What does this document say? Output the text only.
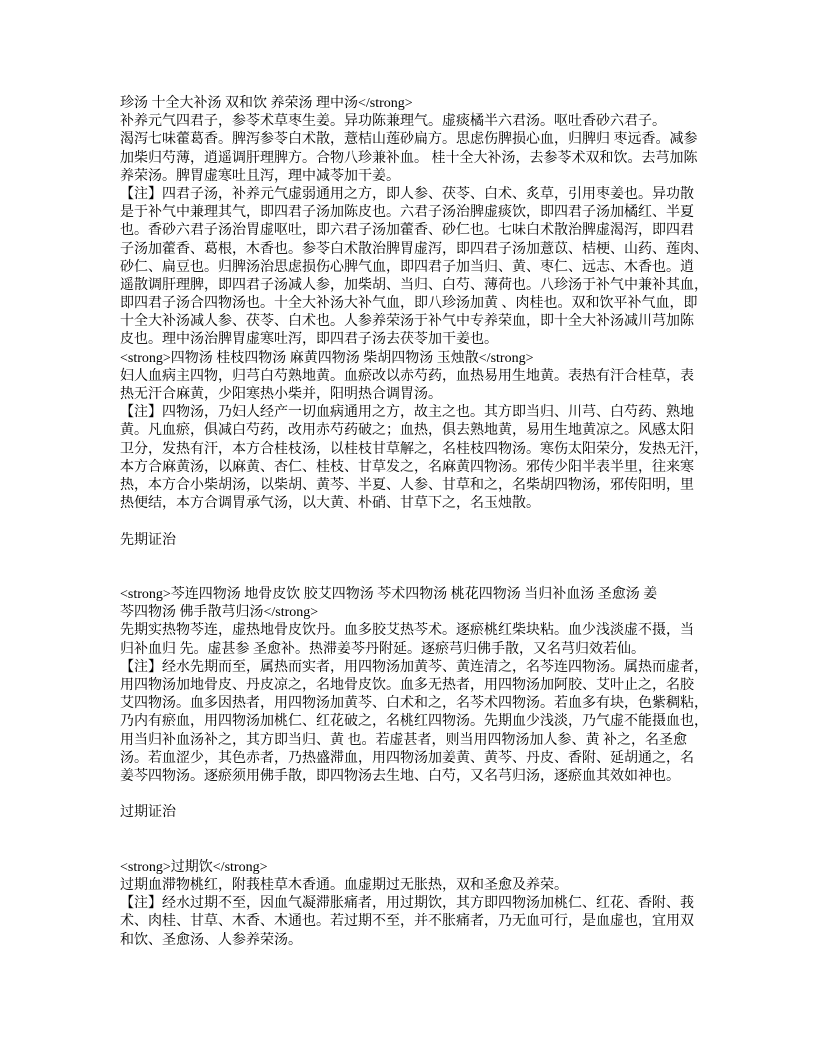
珍汤 十全大补汤 双和饮 养荣汤 理中汤</strong>
补养元气四君子，参苓术草枣生姜。异功陈兼理气。虚痰橘半六君汤。呕吐香砂六君子。
渴泻七味藿葛香。脾泻参苓白术散，薏桔山莲砂扁方。思虑伤脾损心血，归脾归 枣远香。减参
加柴归芍薄，逍遥调肝理脾方。合物八珍兼补血。 桂十全大补汤，去参苓术双和饮。去芎加陈
养荣汤。脾胃虚寒吐且泻，理中减苓加干姜。
【注】四君子汤，补养元气虚弱通用之方，即人参、茯苓、白术、炙草，引用枣姜也。异功散
是于补气中兼理其气，即四君子汤加陈皮也。六君子汤治脾虚痰饮，即四君子汤加橘红、半夏
也。香砂六君子汤治胃虚呕吐，即六君子汤加藿香、砂仁也。七味白术散治脾虚渴泻，即四君
子汤加藿香、葛根，木香也。参苓白术散治脾胃虚泻，即四君子汤加薏苡、桔梗、山药、莲肉、
砂仁、扁豆也。归脾汤治思虑损伤心脾气血，即四君子加当归、黄、枣仁、远志、木香也。逍
遥散调肝理脾，即四君子汤减人参，加柴胡、当归、白芍、薄荷也。八珍汤于补气中兼补其血，
即四君子汤合四物汤也。十全大补汤大补气血，即八珍汤加黄 、肉桂也。双和饮平补气血，即
十全大补汤减人参、茯苓、白术也。人参养荣汤于补气中专养荣血，即十全大补汤减川芎加陈
皮也。理中汤治脾胃虚寒吐泻，即四君子汤去茯苓加干姜也。
<strong>四物汤 桂枝四物汤 麻黄四物汤 柴胡四物汤 玉烛散</strong>
妇人血病主四物，归芎白芍熟地黄。血瘀改以赤芍药，血热易用生地黄。表热有汗合桂草，表
热无汗合麻黄，少阳寒热小柴并，阳明热合调胃汤。
【注】四物汤，乃妇人经产一切血病通用之方，故主之也。其方即当归、川芎、白芍药、熟地
黄。凡血瘀，俱减白芍药，改用赤芍药破之；血热，俱去熟地黄，易用生地黄凉之。风感太阳
卫分，发热有汗，本方合桂枝汤，以桂枝甘草解之，名桂枝四物汤。寒伤太阳荣分，发热无汗，
本方合麻黄汤，以麻黄、杏仁、桂枝、甘草发之，名麻黄四物汤。邪传少阳半表半里，往来寒
热，本方合小柴胡汤，以柴胡、黄芩、半夏、人参、甘草和之，名柴胡四物汤，邪传阳明，里
热便结，本方合调胃承气汤，以大黄、朴硝、甘草下之，名玉烛散。
先期证治
<strong>芩连四物汤 地骨皮饮 胶艾四物汤 芩术四物汤 桃花四物汤 当归补血汤 圣愈汤 姜
芩四物汤 佛手散芎归汤</strong>
先期实热物芩连，虚热地骨皮饮丹。血多胶艾热芩术。逐瘀桃红柴块粘。血少浅淡虚不摄，当
归补血归 先。虚甚参 圣愈补。热滞姜芩丹附延。逐瘀芎归佛手散，又名芎归效若仙。
【注】经水先期而至，属热而实者，用四物汤加黄芩、黄连清之，名芩连四物汤。属热而虚者，
用四物汤加地骨皮、丹皮凉之，名地骨皮饮。血多无热者，用四物汤加阿胶、艾叶止之，名胶
艾四物汤。血多因热者，用四物汤加黄芩、白术和之，名芩术四物汤。若血多有块，色紫稠粘，
乃内有瘀血，用四物汤加桃仁、红花破之，名桃红四物汤。先期血少浅淡，乃气虚不能摄血也，
用当归补血汤补之，其方即当归、黄 也。若虚甚者，则当用四物汤加人参、黄 补之，名圣愈
汤。若血涩少，其色赤者，乃热盛滞血，用四物汤加姜黄、黄芩、丹皮、香附、延胡通之，名
姜芩四物汤。逐瘀须用佛手散，即四物汤去生地、白芍，又名芎归汤，逐瘀血其效如神也。
过期证治
<strong>过期饮</strong>
过期血滞物桃红，附莪桂草木香通。血虚期过无胀热，双和圣愈及养荣。
【注】经水过期不至，因血气凝滞胀痛者，用过期饮，其方即四物汤加桃仁、红花、香附、莪
术、肉桂、甘草、木香、木通也。若过期不至，并不胀痛者，乃无血可行，是血虚也，宜用双
和饮、圣愈汤、人参养荣汤。
